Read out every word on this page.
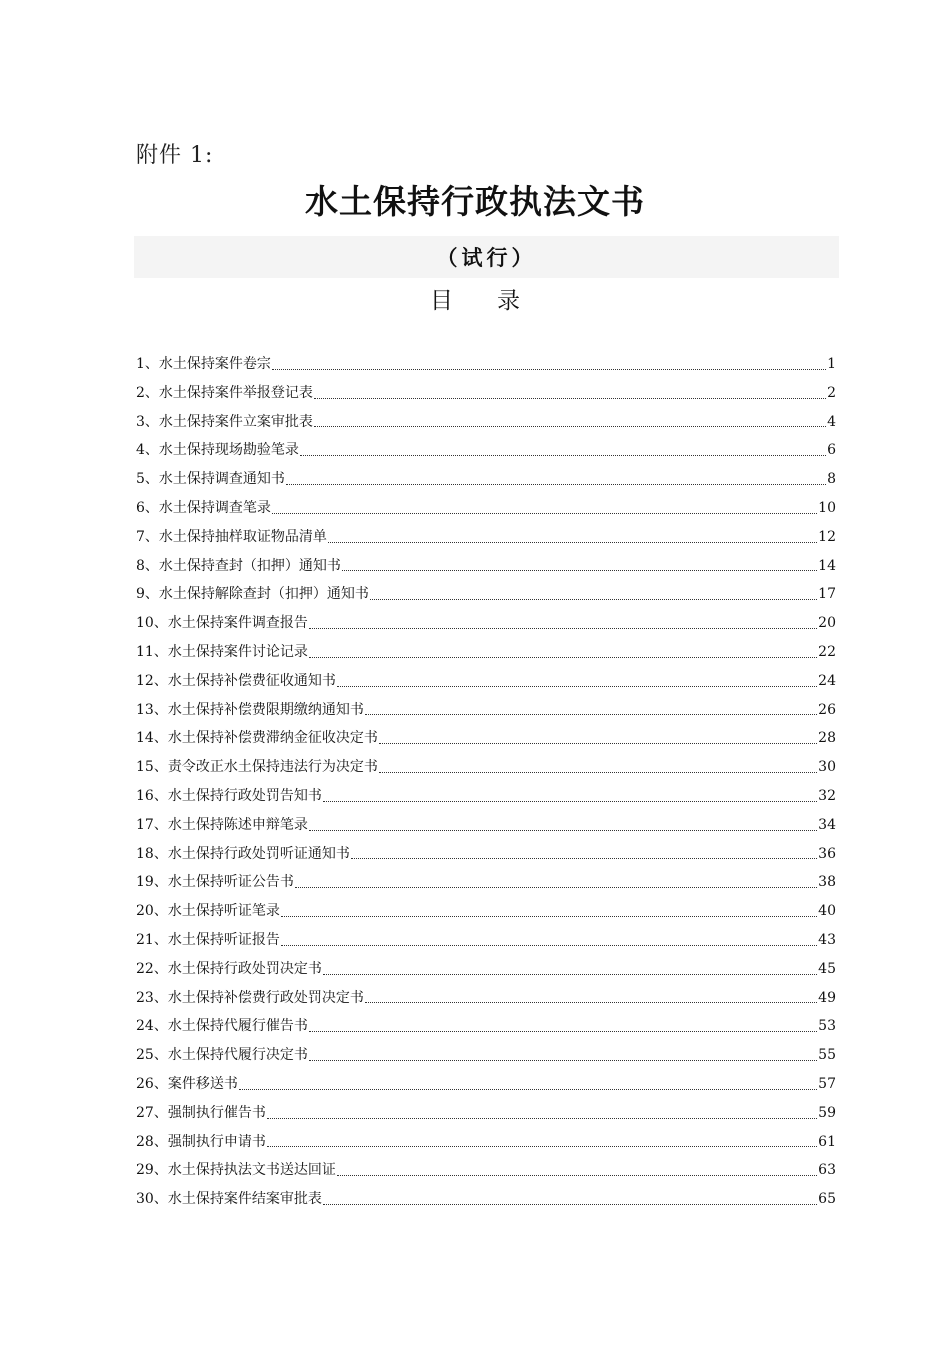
附件 1:
水土保持行政执法文书
（试行）
目录
1、水土保持案件卷宗	1
2、水土保持案件举报登记表	2
3、水土保持案件立案审批表	4
4、水土保持现场勘验笔录	6
5、水土保持调查通知书	8
6、水土保持调查笔录	10
7、水土保持抽样取证物品清单	12
8、水土保持查封（扣押）通知书	14
9、水土保持解除查封（扣押）通知书	17
10、水土保持案件调查报告	20
11、水土保持案件讨论记录	22
12、水土保持补偿费征收通知书	24
13、水土保持补偿费限期缴纳通知书	26
14、水土保持补偿费滞纳金征收决定书	28
15、责令改正水土保持违法行为决定书	30
16、水土保持行政处罚告知书	32
17、水土保持陈述申辩笔录	34
18、水土保持行政处罚听证通知书	36
19、水土保持听证公告书	38
20、水土保持听证笔录	40
21、水土保持听证报告	43
22、水土保持行政处罚决定书	45
23、水土保持补偿费行政处罚决定书	49
24、水土保持代履行催告书	53
25、水土保持代履行决定书	55
26、案件移送书	57
27、强制执行催告书	59
28、强制执行申请书	61
29、水土保持执法文书送达回证	63
30、水土保持案件结案审批表	65
